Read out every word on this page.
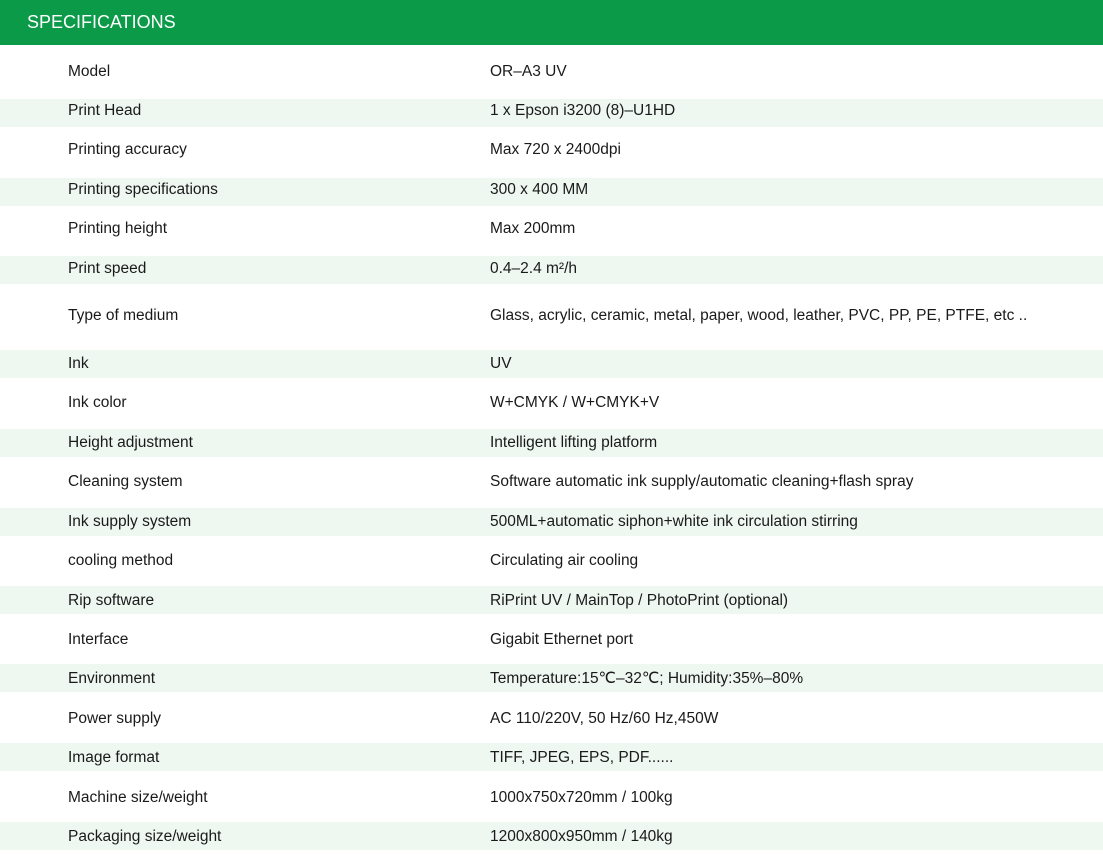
SPECIFICATIONS
Model	OR–A3 UV
Print Head	1 x Epson i3200 (8)–U1HD
Printing accuracy	Max 720 x 2400dpi
Printing specifications	300 x 400 MM
Printing height	Max 200mm
Print speed	0.4–2.4 m²/h
Type of medium	Glass, acrylic, ceramic, metal, paper, wood, leather, PVC, PP, PE, PTFE, etc ..
Ink	UV
Ink color	W+CMYK / W+CMYK+V
Height adjustment	Intelligent lifting platform
Cleaning system	Software automatic ink supply/automatic cleaning+flash spray
Ink supply system	500ML+automatic siphon+white ink circulation stirring
cooling method	Circulating air cooling
Rip software	RiPrint UV / MainTop / PhotoPrint (optional)
Interface	Gigabit Ethernet port
Environment	Temperature:15℃–32℃; Humidity:35%–80%
Power supply	AC 110/220V, 50 Hz/60 Hz,450W
Image format	TIFF, JPEG, EPS, PDF......
Machine size/weight	1000x750x720mm / 100kg
Packaging size/weight	1200x800x950mm / 140kg
